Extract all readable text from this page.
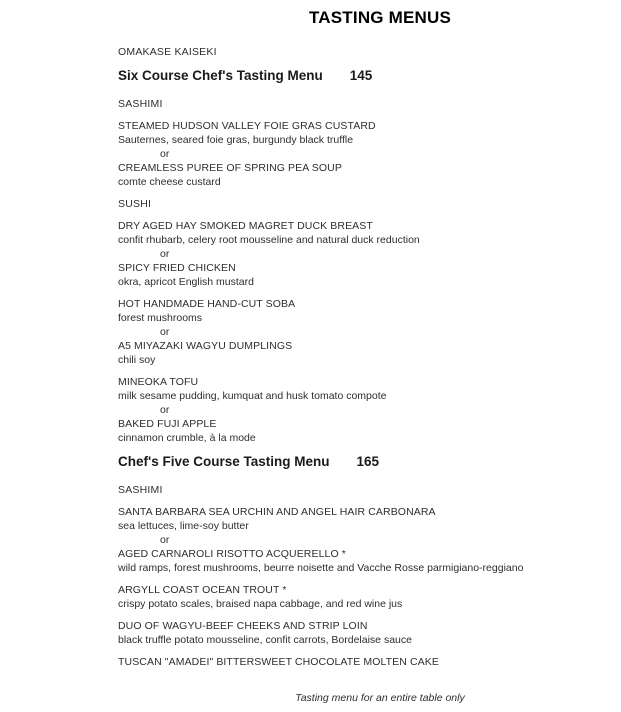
TASTING MENUS

OMAKASE KAISEKI

Six Course Chef's Tasting Menu 145

SASHIMI

STEAMED HUDSON VALLEY FOIE GRAS CUSTARD
Sauternes, seared foie gras, burgundy black truffle
or
CREAMLESS PUREE OF SPRING PEA SOUP
comte cheese custard

SUSHI

DRY AGED HAY SMOKED MAGRET DUCK BREAST
confit rhubarb, celery root mousseline and natural duck reduction
or
SPICY FRIED CHICKEN
okra, apricot English mustard

HOT HANDMADE HAND-CUT SOBA
forest mushrooms
or
A5 MIYAZAKI WAGYU DUMPLINGS
chili soy

MINEOKA TOFU
milk sesame pudding, kumquat and husk tomato compote
or
BAKED FUJI APPLE
cinnamon crumble, à la mode

Chef's Five Course Tasting Menu 165

SASHIMI

SANTA BARBARA SEA URCHIN AND ANGEL HAIR CARBONARA
sea lettuces, lime-soy butter
or
AGED CARNAROLI RISOTTO ACQUERELLO *
wild ramps, forest mushrooms, beurre noisette and Vacche Rosse parmigiano-reggiano

ARGYLL COAST OCEAN TROUT *
crispy potato scales, braised napa cabbage, and red wine jus

DUO OF WAGYU-BEEF CHEEKS AND STRIP LOIN
black truffle potato mousseline, confit carrots, Bordelaise sauce

TUSCAN "AMADEI" BITTERSWEET CHOCOLATE MOLTEN CAKE

Tasting menu for an entire table only
